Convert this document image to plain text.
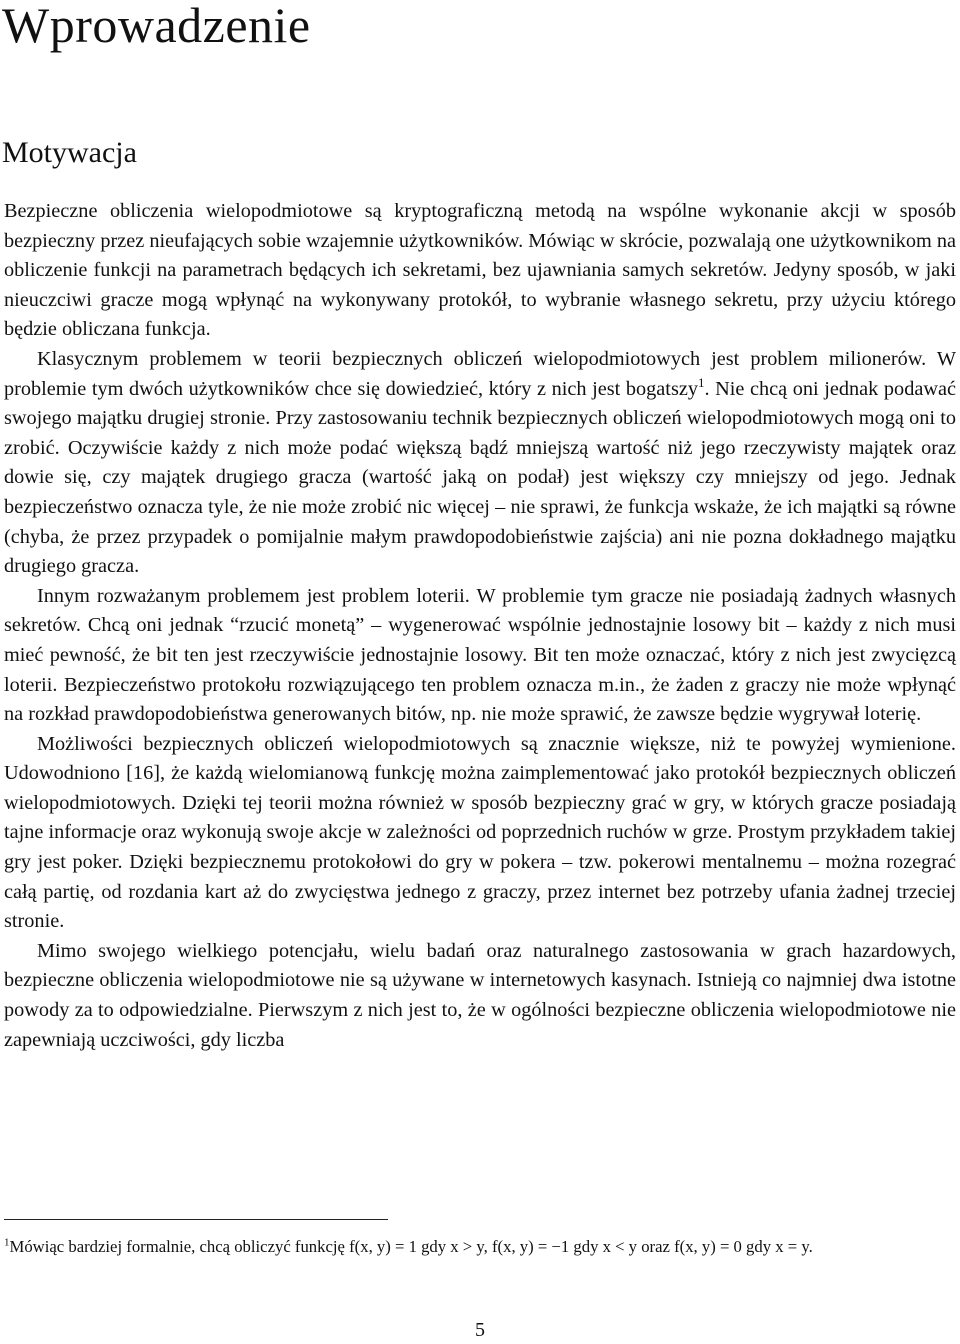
Wprowadzenie
Motywacja

Bezpieczne obliczenia wielopodmiotowe są kryptograficzną metodą na wspólne wykonanie akcji w sposób bezpieczny przez nieufających sobie wzajemnie użytkowników. Mówiąc w skrócie, pozwalają one użytkownikom na obliczenie funkcji na parametrach będących ich sekretami, bez ujawniania samych sekretów. Jedyny sposób, w jaki nieuczciwi gracze mogą wpłynąć na wykonywany protokół, to wybranie własnego sekretu, przy użyciu którego będzie obliczana funkcja.

Klasycznym problemem w teorii bezpiecznych obliczeń wielopodmiotowych jest problem milionerów. W problemie tym dwóch użytkowników chce się dowiedzieć, który z nich jest bogatszy$^1$. Nie chcą oni jednak podawać swojego majątku drugiej stronie. Przy zastosowaniu technik bezpiecznych obliczeń wielopodmiotowych mogą oni to zrobić. Oczywiście każdy z nich może podać większą bądź mniejszą wartość niż jego rzeczywisty majątek oraz dowie się, czy majątek drugiego gracza (wartość jaką on podał) jest większy czy mniejszy od jego. Jednak bezpieczeństwo oznacza tyle, że nie może zrobić nic więcej – nie sprawi, że funkcja wskaże, że ich majątki są równe (chyba, że przez przypadek o pomijalnie małym prawdopodobieństwie zajścia) ani nie pozna dokładnego majątku drugiego gracza.

Innym rozważanym problemem jest problem loterii. W problemie tym gracze nie posiadają żadnych własnych sekretów. Chcą oni jednak “rzucić monetą” – wygenerować wspólnie jednostajnie losowy bit – każdy z nich musi mieć pewność, że bit ten jest rzeczywiście jednostajnie losowy. Bit ten może oznaczać, który z nich jest zwycięzcą loterii. Bezpieczeństwo protokołu rozwiązującego ten problem oznacza m.in., że żaden z graczy nie może wpłynąć na rozkład prawdopodobieństwa generowanych bitów, np. nie może sprawić, że zawsze będzie wygrywał loterię.

Możliwości bezpiecznych obliczeń wielopodmiotowych są znacznie większe, niż te powyżej wymienione. Udowodniono [16], że każdą wielomianową funkcję można zaimplementować jako protokół bezpiecznych obliczeń wielopodmiotowych. Dzięki tej teorii można również w sposób bezpieczny grać w gry, w których gracze posiadają tajne informacje oraz wykonują swoje akcje w zależności od poprzednich ruchów w grze. Prostym przykładem takiej gry jest poker. Dzięki bezpiecznemu protokołowi do gry w pokera – tzw. pokerowi mentalnemu – można rozegrać całą partię, od rozdania kart aż do zwycięstwa jednego z graczy, przez internet bez potrzeby ufania żadnej trzeciej stronie.

Mimo swojego wielkiego potencjału, wielu badań oraz naturalnego zastosowania w grach hazardowych, bezpieczne obliczenia wielopodmiotowe nie są używane w internetowych kasynach. Istnieją co najmniej dwa istotne powody za to odpowiedzialne. Pierwszym z nich jest to, że w ogólności bezpieczne obliczenia wielopodmiotowe nie zapewniają uczciwości, gdy liczba

$^1$Mówiąc bardziej formalnie, chcą obliczyć funkcję f(x, y) = 1 gdy x > y, f(x, y) = −1 gdy x < y oraz f(x, y) = 0 gdy x = y.
5
